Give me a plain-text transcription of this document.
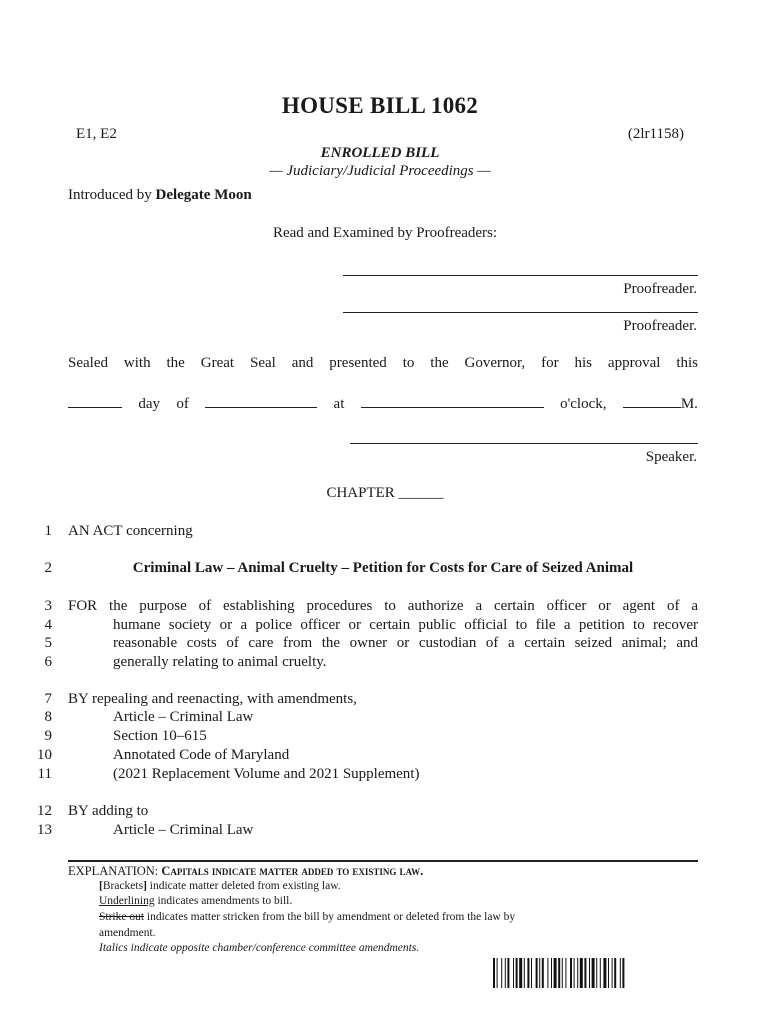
HOUSE BILL 1062
E1, E2	(2lr1158)
ENROLLED BILL
— Judiciary/Judicial Proceedings —
Introduced by Delegate Moon
Read and Examined by Proofreaders:
Proofreader.
Proofreader.
Sealed with the Great Seal and presented to the Governor, for his approval this
day of	at	o'clock,	M.
Speaker.
CHAPTER ______
1 AN ACT concerning
2	Criminal Law – Animal Cruelty – Petition for Costs for Care of Seized Animal
3 FOR the purpose of establishing procedures to authorize a certain officer or agent of a
4	humane society or a police officer or certain public official to file a petition to recover
5	reasonable costs of care from the owner or custodian of a certain seized animal; and
6	generally relating to animal cruelty.
7 BY repealing and reenacting, with amendments,
8	Article – Criminal Law
9	Section 10–615
10	Annotated Code of Maryland
11	(2021 Replacement Volume and 2021 Supplement)
12 BY adding to
13	Article – Criminal Law
EXPLANATION: Capitals indicate matter added to existing law.
[Brackets] indicate matter deleted from existing law.
Underlining indicates amendments to bill.
Strike out indicates matter stricken from the bill by amendment or deleted from the law by
amendment.
Italics indicate opposite chamber/conference committee amendments.
